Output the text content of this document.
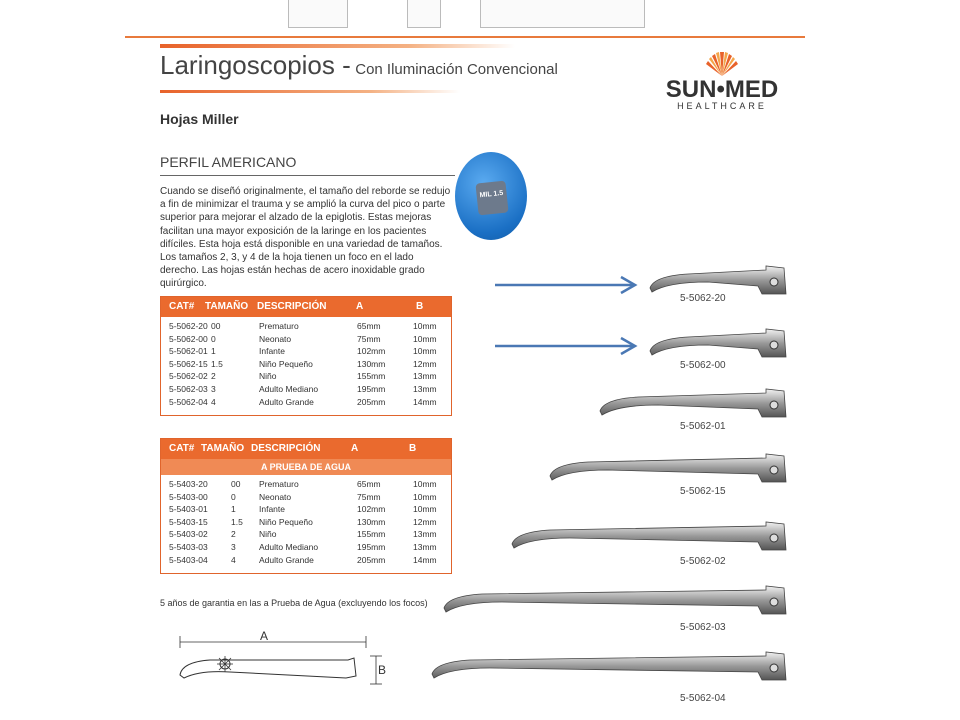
Laringoscopios - Con Iluminación Convencional
SUN•MED
HEALTHCARE
Hojas Miller
PERFIL AMERICANO
Cuando se diseñó originalmente, el tamaño del reborde se redujo a fin de minimizar el trauma y se amplió la curva del pico o parte superior para mejorar el alzado de la epiglotis. Estas mejoras facilitan una mayor exposición de la laringe en los pacientes difíciles. Esta hoja está disponible en una variedad de tamaños. Los tamaños 2, 3, y 4 de la hoja tienen un foco en el lado derecho. Las hojas están hechas de acero inoxidable grado quirúrgico.
MIL 1.5
CAT# TAMAÑO DESCRIPCIÓN	A	B
5-5062-20 00	Prematuro	65mm	10mm
5-5062-00 0	Neonato	75mm	10mm
5-5062-01 1	Infante	102mm	10mm
5-5062-15 1.5	Niño Pequeño	130mm	12mm
5-5062-02 2	Niño	155mm	13mm
5-5062-03 3	Adulto Mediano	195mm	13mm
5-5062-04 4	Adulto Grande	205mm	14mm
CAT# TAMAÑO DESCRIPCIÓN	A	B
A PRUEBA DE AGUA
5-5403-20	00 Prematuro	65mm	10mm
5-5403-00	0	Neonato	75mm	10mm
5-5403-01	1	Infante	102mm	10mm
5-5403-15	1.5 Niño Pequeño	130mm	12mm
5-5403-02	2	Niño	155mm	13mm
5-5403-03	3	Adulto Mediano	195mm	13mm
5-5403-04	4	Adulto Grande	205mm	14mm
5 años de garantia en las a Prueba de Agua (excluyendo los focos)
A
B
5-5062-20
5-5062-00
5-5062-01
5-5062-15
5-5062-02
5-5062-03
5-5062-04
